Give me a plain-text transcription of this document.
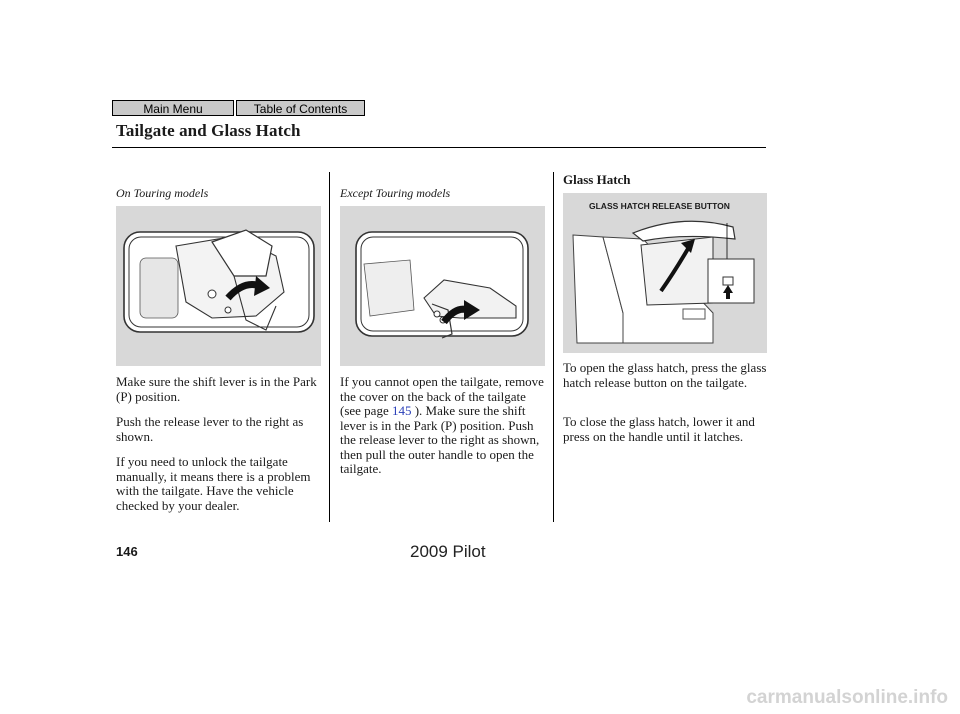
Main Menu	Table of Contents
Tailgate and Glass Hatch
On Touring models

Make sure the shift lever is in the Park (P) position.

Push the release lever to the right as shown.

If you need to unlock the tailgate manually, it means there is a problem with the tailgate. Have the vehicle checked by your dealer.

Except Touring models

If you cannot open the tailgate, remove the cover on the back of the tailgate (see page 145 ). Make sure the shift lever is in the Park (P) position. Push the release lever to the right as shown, then pull the outer handle to open the tailgate.

Glass Hatch
GLASS HATCH RELEASE BUTTON

To open the glass hatch, press the glass hatch release button on the tailgate.

To close the glass hatch, lower it and press on the handle until it latches.

146	2009 Pilot
carmanualsonline.info
